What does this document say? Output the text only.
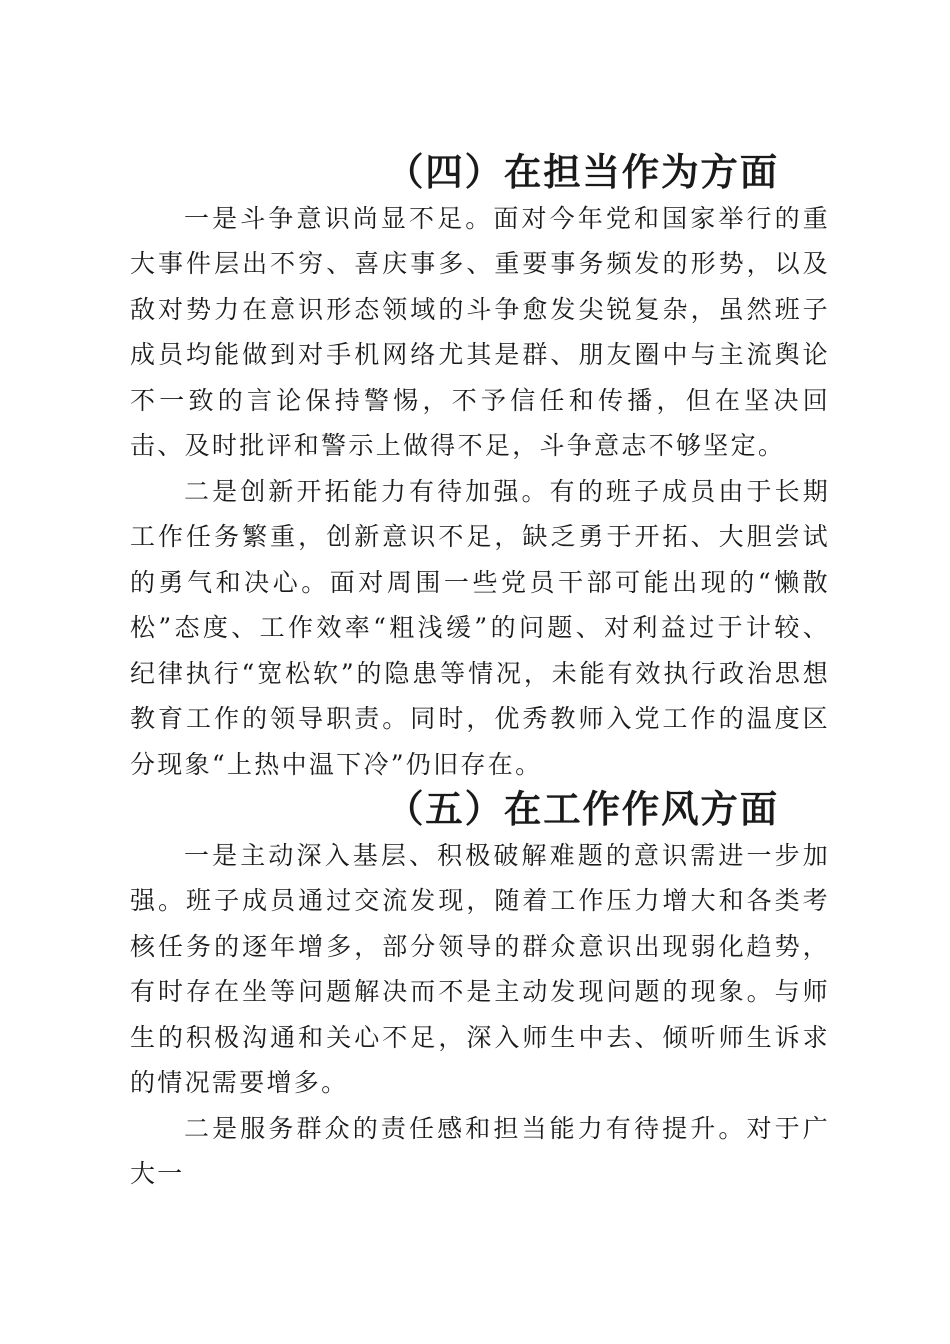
（四）在担当作为方面

一是斗争意识尚显不足。面对今年党和国家举行的重大事件层出不穷、喜庆事多、重要事务频发的形势，以及敌对势力在意识形态领域的斗争愈发尖锐复杂，虽然班子成员均能做到对手机网络尤其是群、朋友圈中与主流舆论不一致的言论保持警惕，不予信任和传播，但在坚决回击、及时批评和警示上做得不足，斗争意志不够坚定。

二是创新开拓能力有待加强。有的班子成员由于长期工作任务繁重，创新意识不足，缺乏勇于开拓、大胆尝试的勇气和决心。面对周围一些党员干部可能出现的“懒散松”态度、工作效率“粗浅缓”的问题、对利益过于计较、纪律执行“宽松软”的隐患等情况，未能有效执行政治思想教育工作的领导职责。同时，优秀教师入党工作的温度区分现象“上热中温下冷”仍旧存在。

（五）在工作作风方面

一是主动深入基层、积极破解难题的意识需进一步加强。班子成员通过交流发现，随着工作压力增大和各类考核任务的逐年增多，部分领导的群众意识出现弱化趋势，有时存在坐等问题解决而不是主动发现问题的现象。与师生的积极沟通和关心不足，深入师生中去、倾听师生诉求的情况需要增多。

二是服务群众的责任感和担当能力有待提升。对于广大一
